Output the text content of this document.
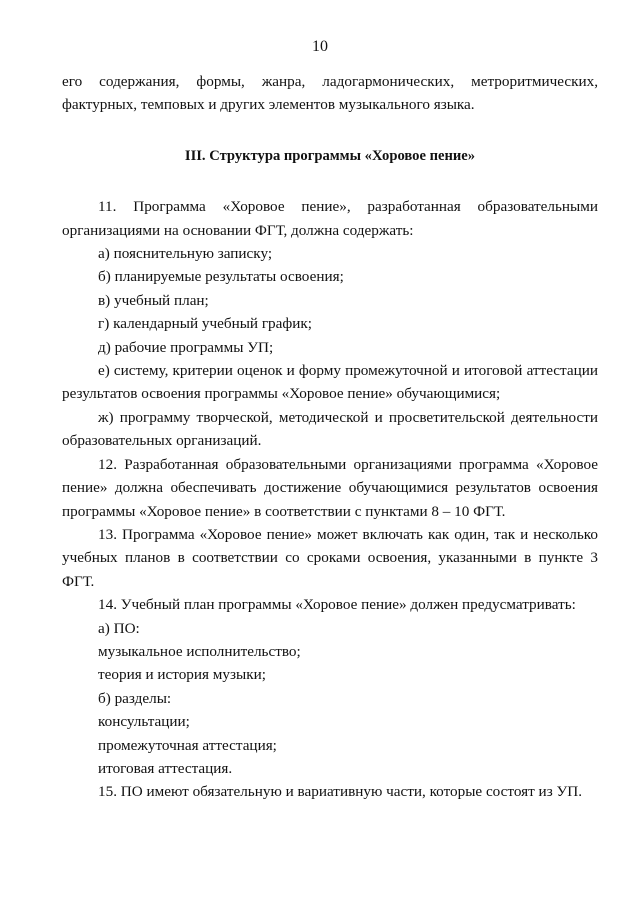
10

его содержания, формы, жанра, ладогармонических, метроритмических, фактурных, темповых и других элементов музыкального языка.

III. Структура программы «Хоровое пение»

11. Программа «Хоровое пение», разработанная образовательными организациями на основании ФГТ, должна содержать:

а) пояснительную записку;

б) планируемые результаты освоения;

в) учебный план;

г) календарный учебный график;

д) рабочие программы УП;

е) систему, критерии оценок и форму промежуточной и итоговой аттестации результатов освоения программы «Хоровое пение» обучающимися;

ж) программу творческой, методической и просветительской деятельности образовательных организаций.

12. Разработанная образовательными организациями программа «Хоровое пение» должна обеспечивать достижение обучающимися результатов освоения программы «Хоровое пение» в соответствии с пунктами 8 – 10 ФГТ.

13. Программа «Хоровое пение» может включать как один, так и несколько учебных планов в соответствии со сроками освоения, указанными в пункте 3 ФГТ.

14. Учебный план программы «Хоровое пение» должен предусматривать:

а) ПО:

музыкальное исполнительство;

теория и история музыки;

б) разделы:

консультации;

промежуточная аттестация;

итоговая аттестация.

15. ПО имеют обязательную и вариативную части, которые состоят из УП.
